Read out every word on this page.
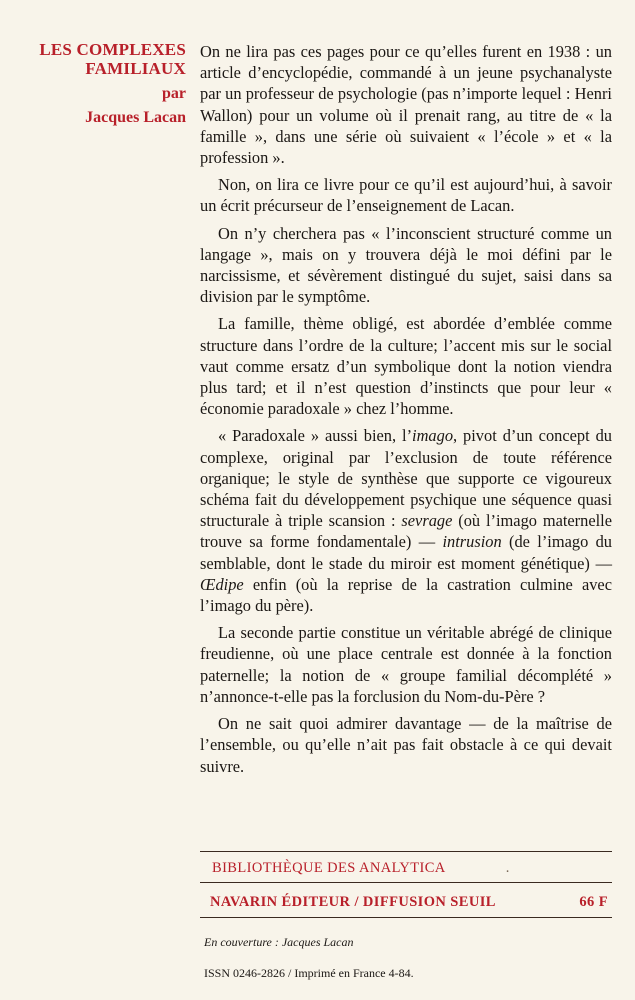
LES COMPLEXES
FAMILIAUX
par
Jacques Lacan

On ne lira pas ces pages pour ce qu’elles furent en 1938 : un article d’encyclopédie, commandé à un jeune psychanalyste par un professeur de psychologie (pas n’importe lequel : Henri Wallon) pour un volume où il prenait rang, au titre de « la famille », dans une série où suivaient « l’école » et « la profession ».

Non, on lira ce livre pour ce qu’il est aujourd’hui, à savoir un écrit précurseur de l’enseignement de Lacan.

On n’y cherchera pas « l’inconscient structuré comme un langage », mais on y trouvera déjà le moi défini par le narcissisme, et sévèrement distingué du sujet, saisi dans sa division par le symptôme.

La famille, thème obligé, est abordée d’emblée comme structure dans l’ordre de la culture; l’accent mis sur le social vaut comme ersatz d’un symbolique dont la notion viendra plus tard; et il n’est question d’instincts que pour leur « économie paradoxale » chez l’homme.

« Paradoxale » aussi bien, l’imago, pivot d’un concept du complexe, original par l’exclusion de toute référence organique; le style de synthèse que supporte ce vigoureux schéma fait du développement psychique une séquence quasi structurale à triple scansion : sevrage (où l’imago maternelle trouve sa forme fondamentale) — intrusion (de l’imago du semblable, dont le stade du miroir est moment génétique) — Œdipe enfin (où la reprise de la castration culmine avec l’imago du père).

La seconde partie constitue un véritable abrégé de clinique freudienne, où une place centrale est donnée à la fonction paternelle; la notion de « groupe familial décomplété » n’annonce-t-elle pas la forclusion du Nom-du-Père ?

On ne sait quoi admirer davantage — de la maîtrise de l’ensemble, ou qu’elle n’ait pas fait obstacle à ce qui devait suivre.

BIBLIOTHÈQUE DES ANALYTICA	.
NAVARIN ÉDITEUR / DIFFUSION SEUIL	66 F
En couverture : Jacques Lacan
ISSN 0246-2826 / Imprimé en France 4-84.
